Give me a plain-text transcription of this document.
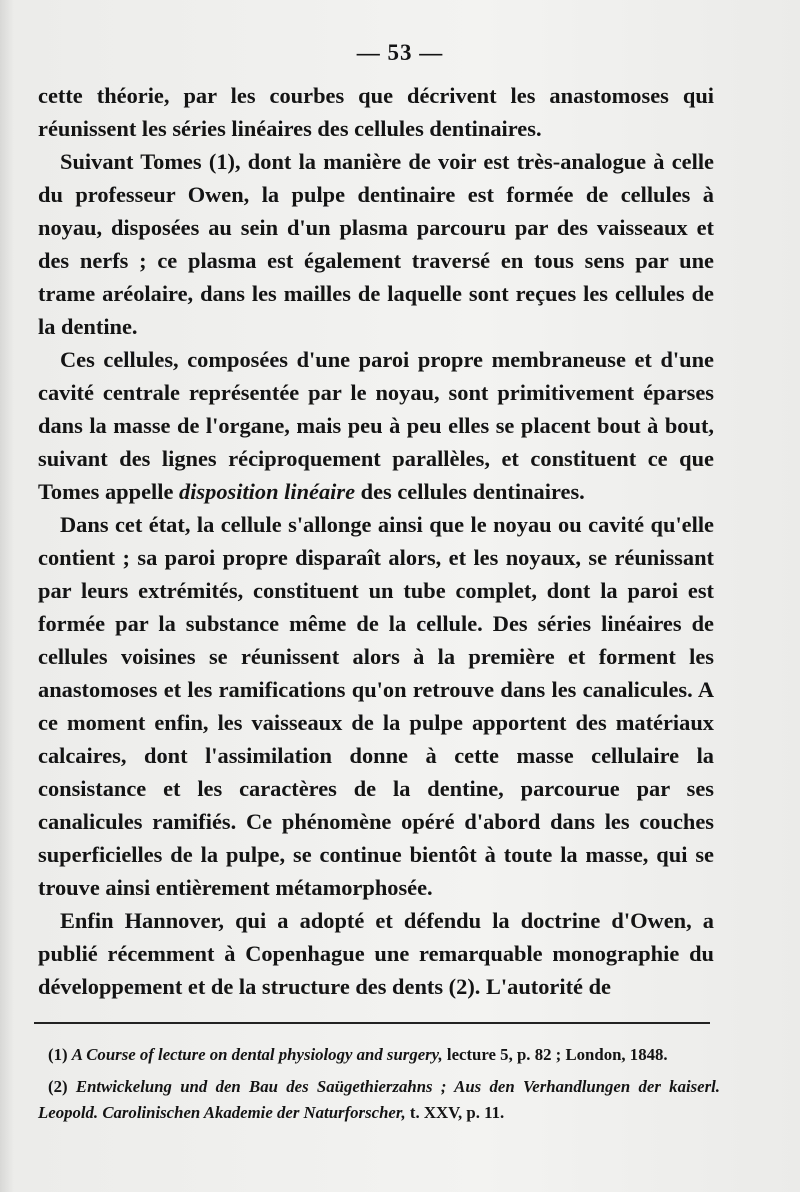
— 53 —

cette théorie, par les courbes que décrivent les anastomoses qui réunissent les séries linéaires des cellules dentinaires.

Suivant Tomes (1), dont la manière de voir est très-analogue à celle du professeur Owen, la pulpe dentinaire est formée de cellules à noyau, disposées au sein d'un plasma parcouru par des vaisseaux et des nerfs ; ce plasma est également traversé en tous sens par une trame aréolaire, dans les mailles de laquelle sont reçues les cellules de la dentine.

Ces cellules, composées d'une paroi propre membraneuse et d'une cavité centrale représentée par le noyau, sont primitivement éparses dans la masse de l'organe, mais peu à peu elles se placent bout à bout, suivant des lignes réciproquement parallèles, et constituent ce que Tomes appelle disposition linéaire des cellules dentinaires.

Dans cet état, la cellule s'allonge ainsi que le noyau ou cavité qu'elle contient ; sa paroi propre disparaît alors, et les noyaux, se réunissant par leurs extrémités, constituent un tube complet, dont la paroi est formée par la substance même de la cellule. Des séries linéaires de cellules voisines se réunissent alors à la première et forment les anastomoses et les ramifications qu'on retrouve dans les canalicules. A ce moment enfin, les vaisseaux de la pulpe apportent des matériaux calcaires, dont l'assimilation donne à cette masse cellulaire la consistance et les caractères de la dentine, parcourue par ses canalicules ramifiés. Ce phénomène opéré d'abord dans les couches superficielles de la pulpe, se continue bientôt à toute la masse, qui se trouve ainsi entièrement métamorphosée.

Enfin Hannover, qui a adopté et défendu la doctrine d'Owen, a publié récemment à Copenhague une remarquable monographie du développement et de la structure des dents (2). L'autorité de

(1) A Course of lecture on dental physiology and surgery, lecture 5, p. 82 ; London, 1848.

(2) Entwickelung und den Bau des Saügethierzahns ; Aus den Verhandlungen der kaiserl. Leopold. Carolinischen Akademie der Naturforscher, t. XXV, p. 11.
